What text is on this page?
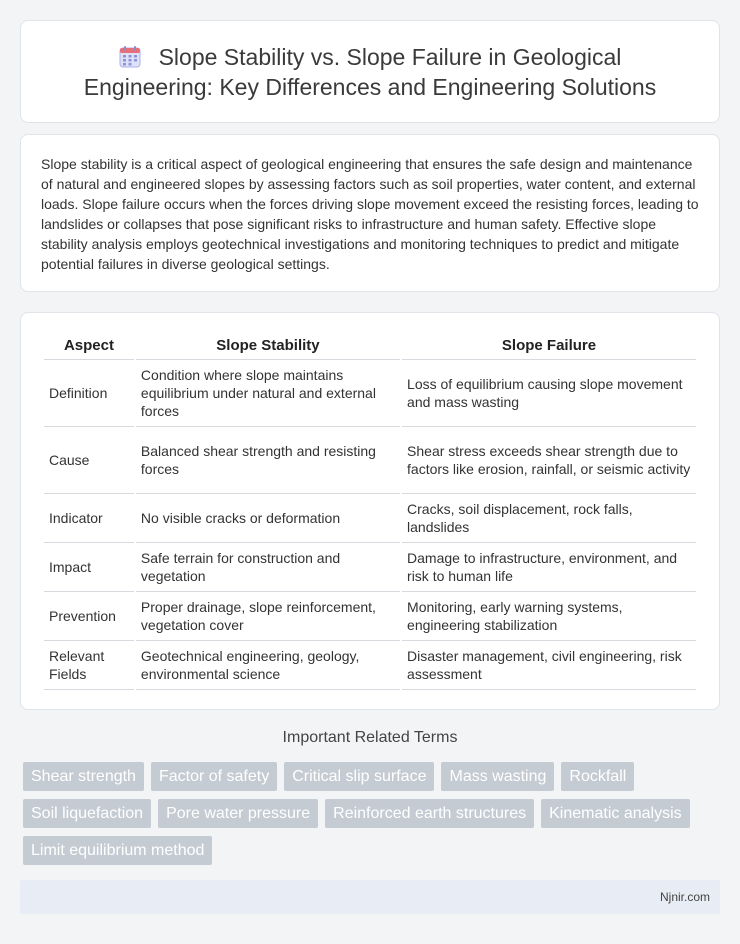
Slope Stability vs. Slope Failure in Geological Engineering: Key Differences and Engineering Solutions

Slope stability is a critical aspect of geological engineering that ensures the safe design and maintenance of natural and engineered slopes by assessing factors such as soil properties, water content, and external loads. Slope failure occurs when the forces driving slope movement exceed the resisting forces, leading to landslides or collapses that pose significant risks to infrastructure and human safety. Effective slope stability analysis employs geotechnical investigations and monitoring techniques to predict and mitigate potential failures in diverse geological settings.

Aspect	Slope Stability	Slope Failure
Definition	Condition where slope maintains equilibrium under natural and external forces	Loss of equilibrium causing slope movement and mass wasting
Cause	Balanced shear strength and resisting forces	Shear stress exceeds shear strength due to factors like erosion, rainfall, or seismic activity
Indicator	No visible cracks or deformation	Cracks, soil displacement, rock falls, landslides
Impact	Safe terrain for construction and vegetation	Damage to infrastructure, environment, and risk to human life
Prevention	Proper drainage, slope reinforcement, vegetation cover	Monitoring, early warning systems, engineering stabilization
Relevant Fields	Geotechnical engineering, geology, environmental science	Disaster management, civil engineering, risk assessment
Important Related Terms
Shear strength	Factor of safety	Critical slip surface	Mass wasting	Rockfall
Soil liquefaction	Pore water pressure	Reinforced earth structures	Kinematic analysis
Limit equilibrium method
Njnir.com
